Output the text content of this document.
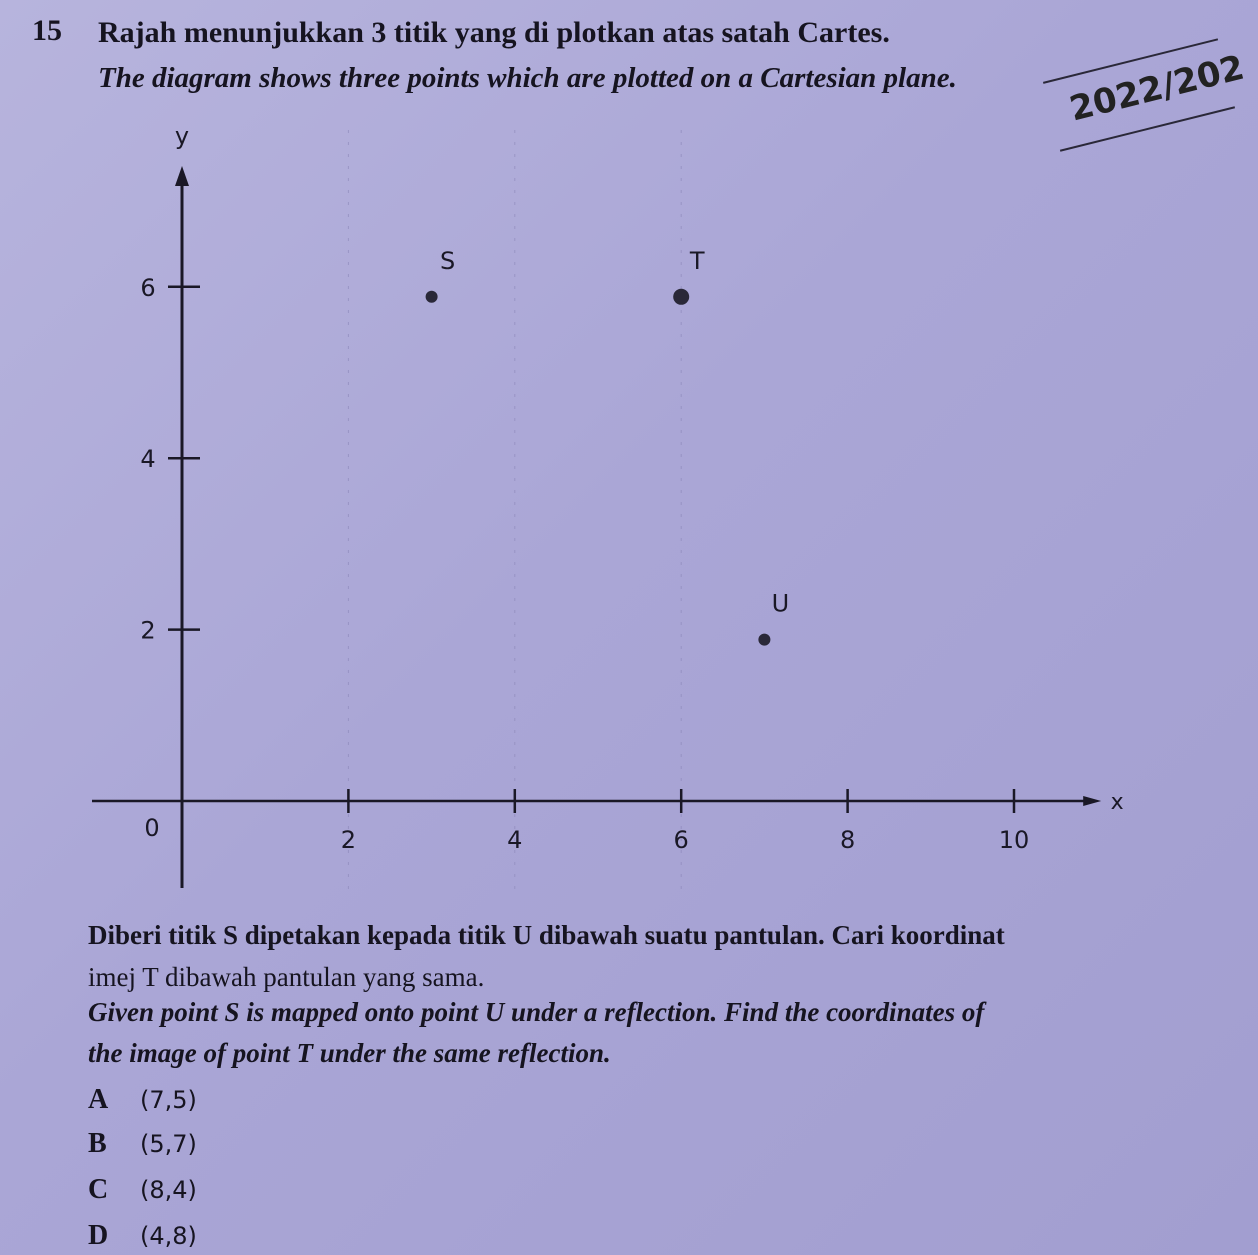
15 Rajah menunjukkan 3 titik yang di plotkan atas satah Cartes.
The diagram shows three points which are plotted on a Cartesian plane.	2022/202
y
x
0	2	4	6	8	10
2
4
6
S	T
U
Diberi titik S dipetakan kepada titik U dibawah suatu pantulan. Cari koordinat
imej T dibawah pantulan yang sama.
Given point S is mapped onto point U under a reflection. Find the coordinates of
the image of point T under the same reflection.
A (7,5)
B (5,7)
C (8,4)
D (4,8)
